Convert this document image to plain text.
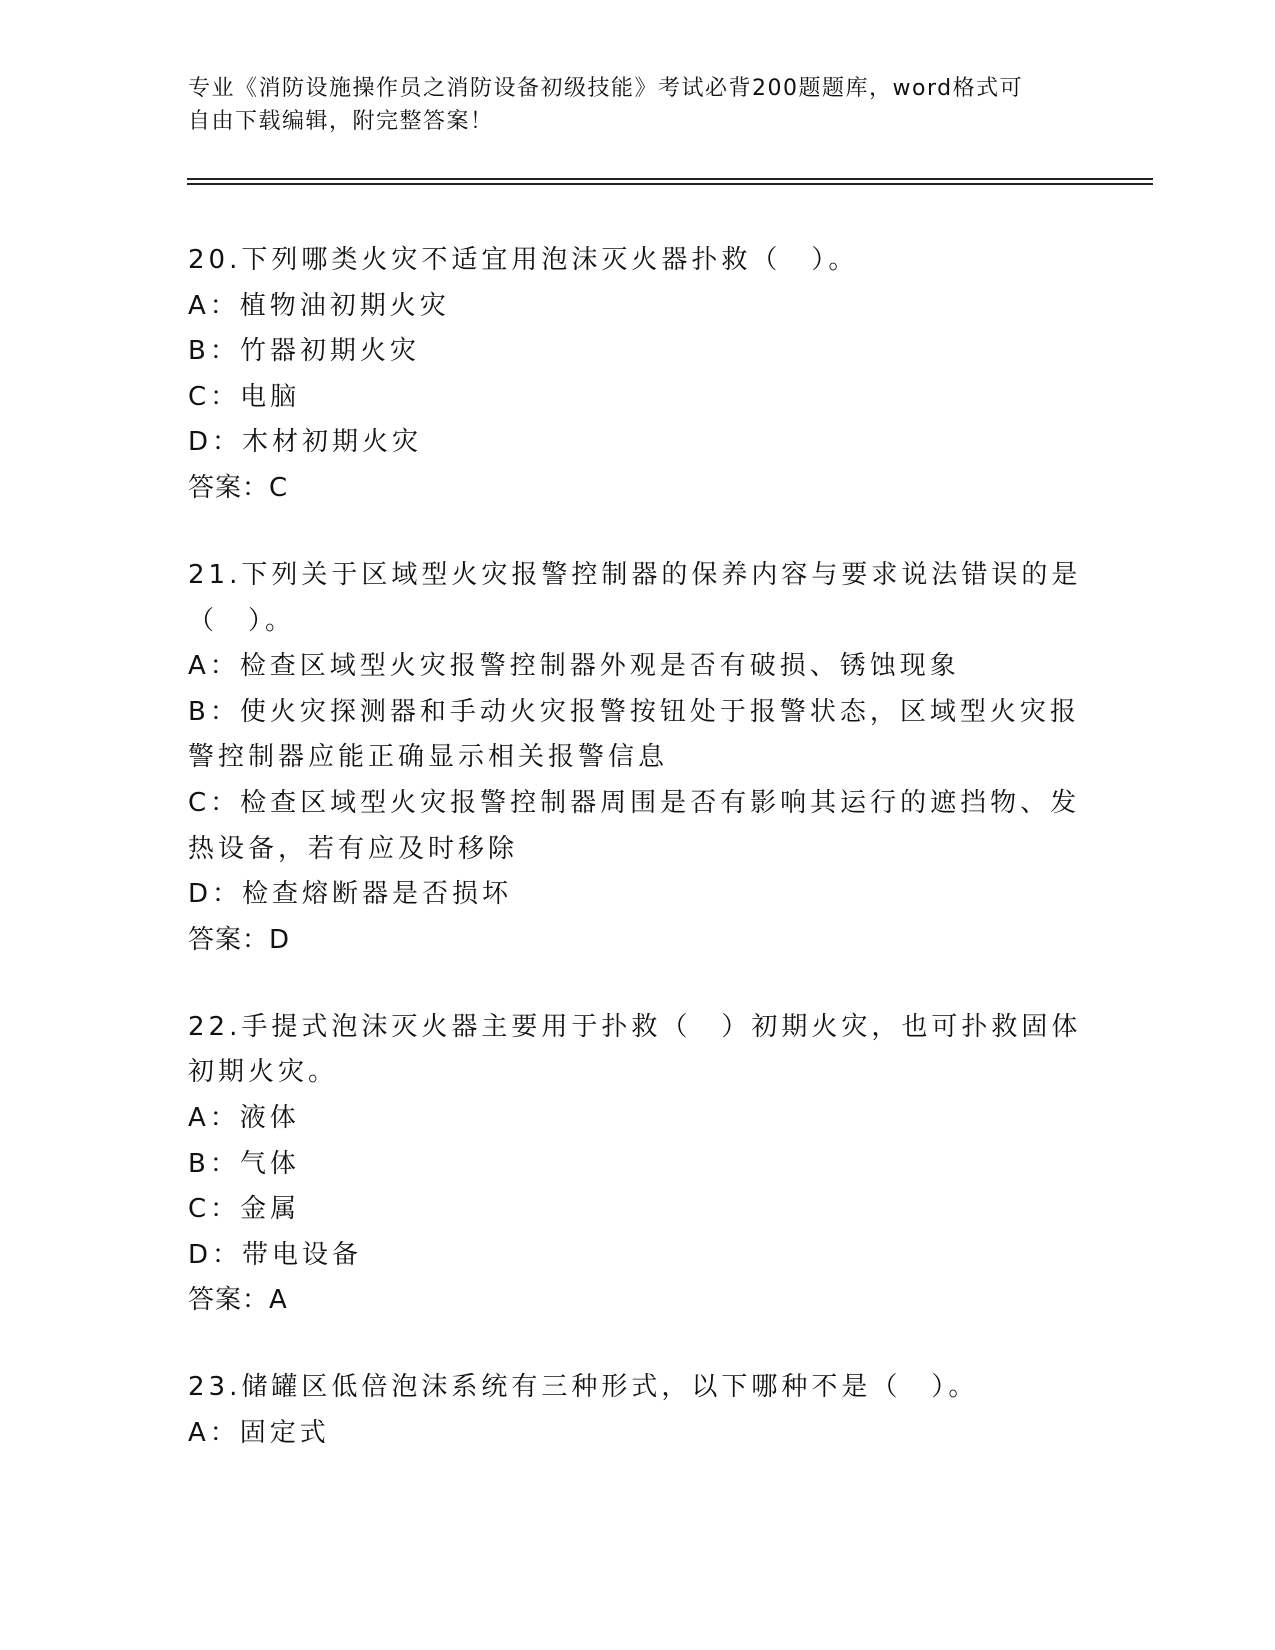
专业《消防设施操作员之消防设备初级技能》考试必背200题题库，word格式可
自由下载编辑，附完整答案！
20.下列哪类火灾不适宜用泡沫灭火器扑救（　）。
A：植物油初期火灾
B：竹器初期火灾
C：电脑
D：木材初期火灾
答案：C
21.下列关于区域型火灾报警控制器的保养内容与要求说法错误的是（　）。
A：检查区域型火灾报警控制器外观是否有破损、锈蚀现象
B：使火灾探测器和手动火灾报警按钮处于报警状态，区域型火灾报警控制器应能正确显示相关报警信息
C：检查区域型火灾报警控制器周围是否有影响其运行的遮挡物、发热设备，若有应及时移除
D：检查熔断器是否损坏
答案：D
22.手提式泡沫灭火器主要用于扑救（　）初期火灾，也可扑救固体初期火灾。
A：液体
B：气体
C：金属
D：带电设备
答案：A
23.储罐区低倍泡沫系统有三种形式，以下哪种不是（　）。
A：固定式
